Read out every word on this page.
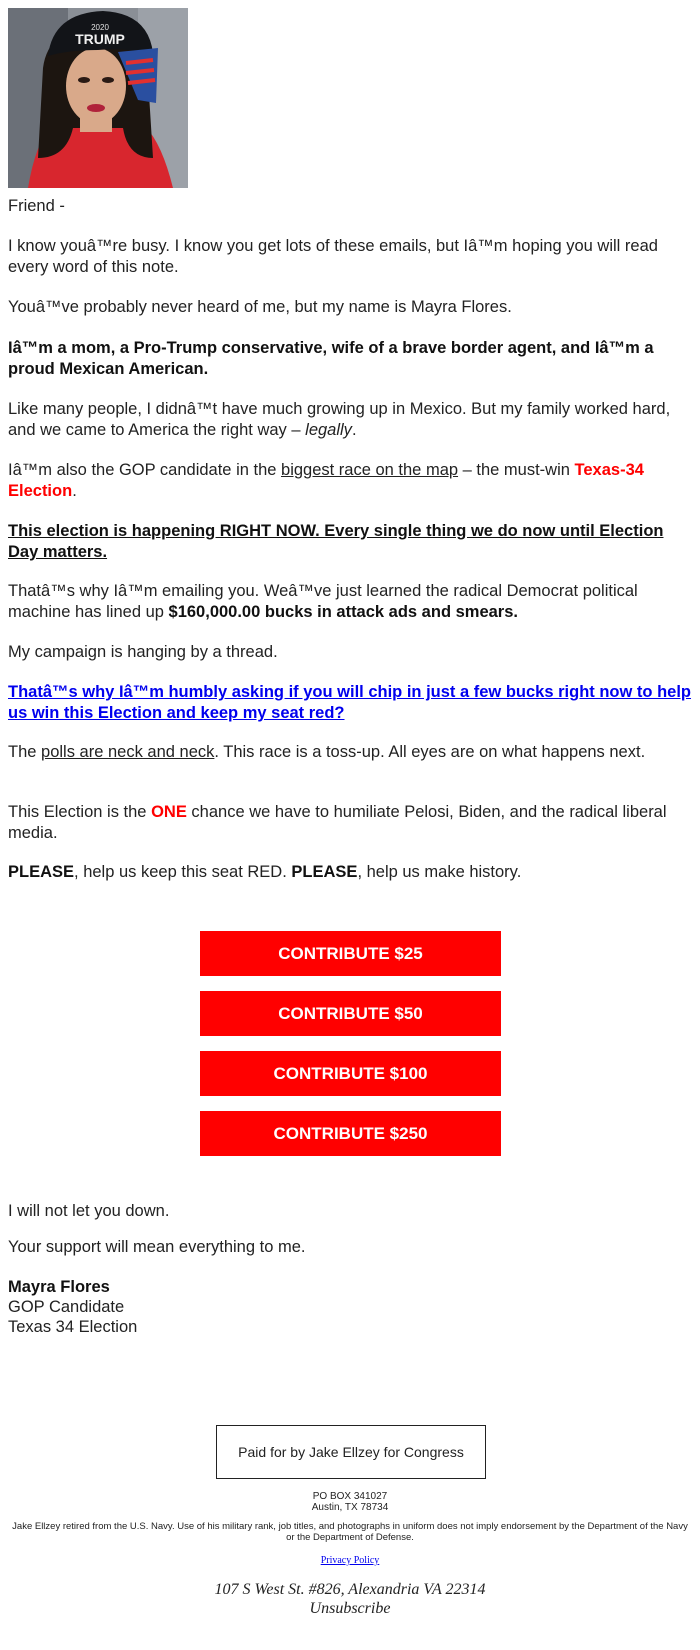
2020
TRUMP

Friend -

I know youâ™re busy. I know you get lots of these emails, but Iâ™m hoping you will read every word of this note.

Youâ™ve probably never heard of me, but my name is Mayra Flores.

Iâ™m a mom, a Pro-Trump conservative, wife of a brave border agent, and Iâ™m a proud Mexican American.

Like many people, I didnâ™t have much growing up in Mexico. But my family worked hard, and we came to America the right way – legally.

Iâ™m also the GOP candidate in the biggest race on the map – the must-win Texas-34 Election.

This election is happening RIGHT NOW. Every single thing we do now until Election Day matters.

Thatâ™s why Iâ™m emailing you. Weâ™ve just learned the radical Democrat political machine has lined up $160,000.00 bucks in attack ads and smears.

My campaign is hanging by a thread.

Thatâ™s why Iâ™m humbly asking if you will chip in just a few bucks right now to help us win this Election and keep my seat red?

The polls are neck and neck. This race is a toss-up. All eyes are on what happens next.

This Election is the ONE chance we have to humiliate Pelosi, Biden, and the radical liberal media.

PLEASE, help us keep this seat RED. PLEASE, help us make history.

CONTRIBUTE $25
CONTRIBUTE $50
CONTRIBUTE $100
CONTRIBUTE $250

I will not let you down.

Your support will mean everything to me.

Mayra Flores
GOP Candidate
Texas 34 Election

Paid for by Jake Ellzey for Congress
PO BOX 341027
Austin, TX 78734
Jake Ellzey retired from the U.S. Navy. Use of his military rank, job titles, and photographs in uniform does not imply endorsement by the Department of the Navy or the Department of Defense.
Privacy Policy
107 S West St. #826, Alexandria VA 22314
Unsubscribe
